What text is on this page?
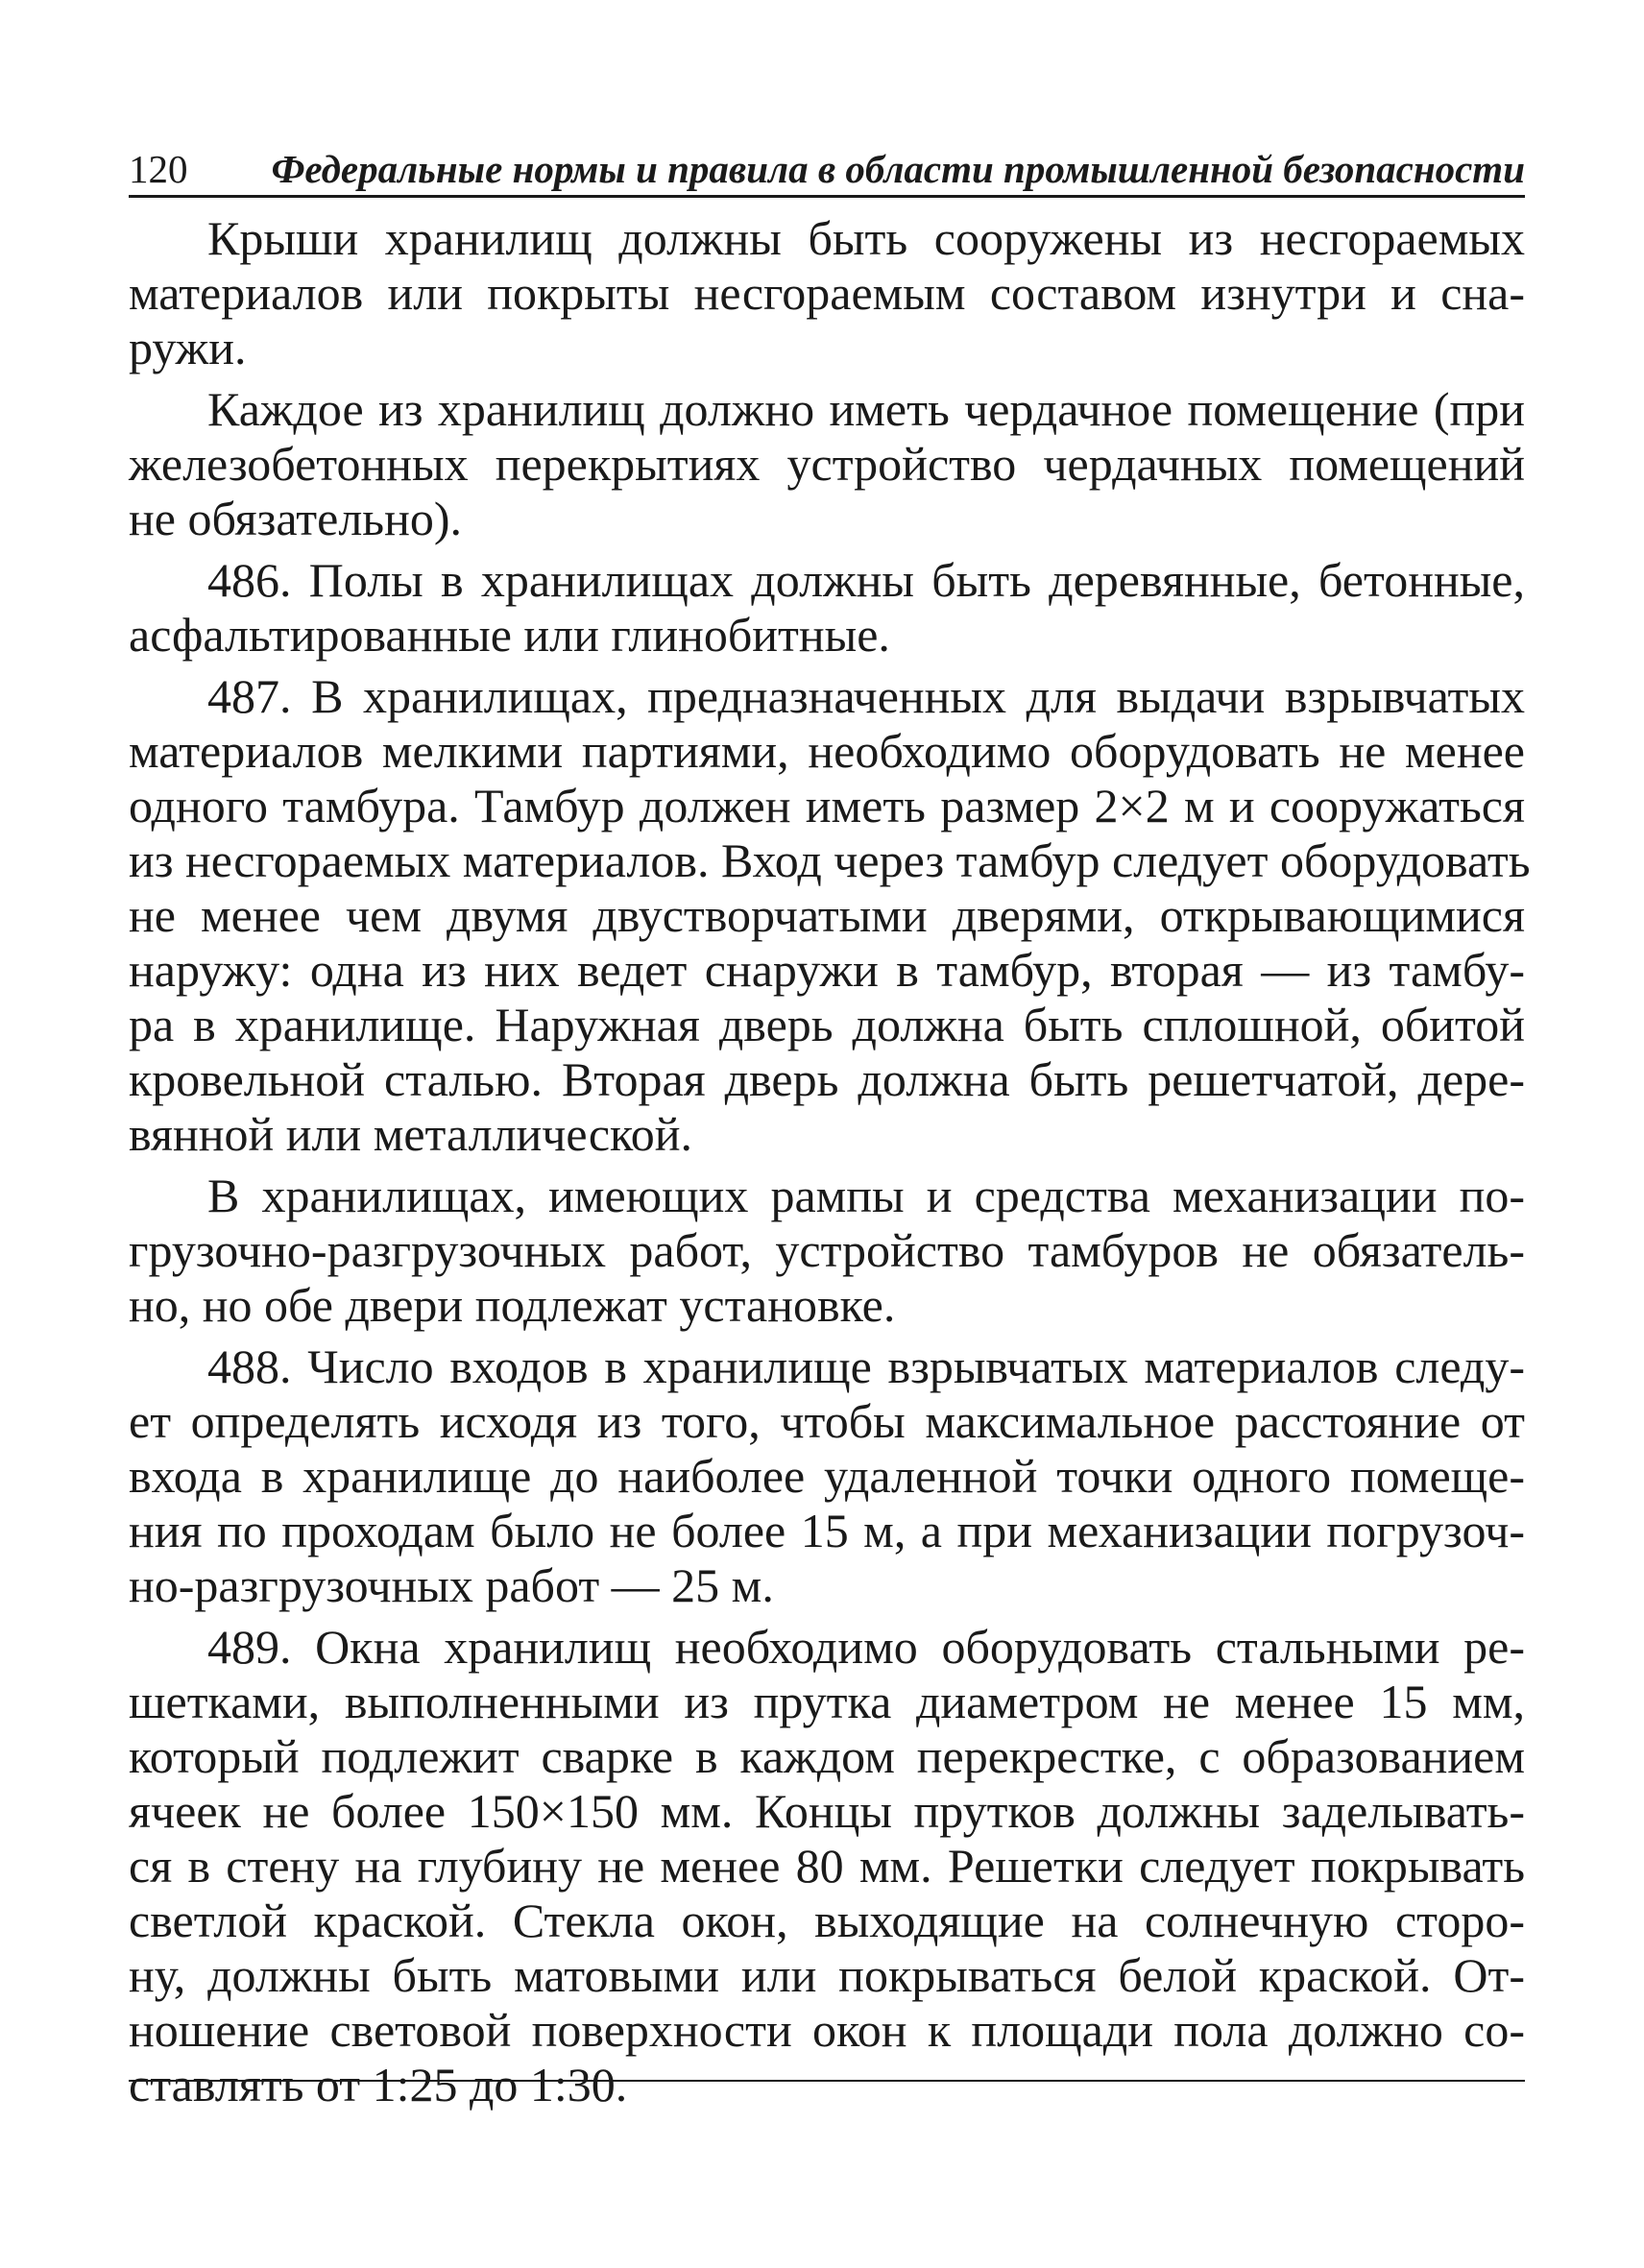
120 Федеральные нормы и правила в области промышленной безопасности
Крыши хранилищ должны быть сооружены из несгораемых
материалов или покрыты несгораемым составом изнутри и сна-
ружи.
Каждое из хранилищ должно иметь чердачное помещение (при
железобетонных перекрытиях устройство чердачных помещений
не обязательно).
486. Полы в хранилищах должны быть деревянные, бетонные,
асфальтированные или глинобитные.
487. В хранилищах, предназначенных для выдачи взрывчатых
материалов мелкими партиями, необходимо оборудовать не менее
одного тамбура. Тамбур должен иметь размер 2×2 м и сооружаться
из несгораемых материалов. Вход через тамбур следует оборудовать
не менее чем двумя двустворчатыми дверями, открывающимися
наружу: одна из них ведет снаружи в тамбур, вторая — из тамбу-
ра в хранилище. Наружная дверь должна быть сплошной, обитой
кровельной сталью. Вторая дверь должна быть решетчатой, дере-
вянной или металлической.
В хранилищах, имеющих рампы и средства механизации по-
грузочно-разгрузочных работ, устройство тамбуров не обязатель-
но, но обе двери подлежат установке.
488. Число входов в хранилище взрывчатых материалов следу-
ет определять исходя из того, чтобы максимальное расстояние от
входа в хранилище до наиболее удаленной точки одного помеще-
ния по проходам было не более 15 м, а при механизации погрузоч-
но-разгрузочных работ — 25 м.
489. Окна хранилищ необходимо оборудовать стальными ре-
шетками, выполненными из прутка диаметром не менее 15 мм,
который подлежит сварке в каждом перекрестке, с образованием
ячеек не более 150×150 мм. Концы прутков должны заделывать-
ся в стену на глубину не менее 80 мм. Решетки следует покрывать
светлой краской. Стекла окон, выходящие на солнечную сторо-
ну, должны быть матовыми или покрываться белой краской. От-
ношение световой поверхности окон к площади пола должно со-
ставлять от 1:25 до 1:30.
